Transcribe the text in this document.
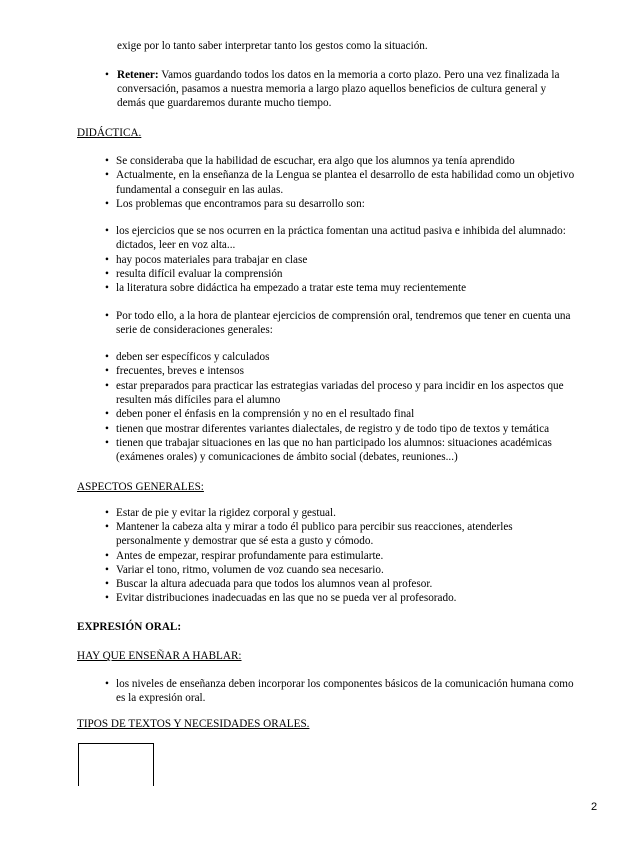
exige por lo tanto saber interpretar tanto los gestos como la situación.
• Retener: Vamos guardando todos los datos en la memoria a corto plazo. Pero una vez finalizada la
conversación, pasamos a nuestra memoria a largo plazo aquellos beneficios de cultura general y
demás que guardaremos durante mucho tiempo.
DIDÁCTICA.
• Se consideraba que la habilidad de escuchar, era algo que los alumnos ya tenía aprendido
• Actualmente, en la enseñanza de la Lengua se plantea el desarrollo de esta habilidad como un objetivo
fundamental a conseguir en las aulas.
• Los problemas que encontramos para su desarrollo son:
• los ejercicios que se nos ocurren en la práctica fomentan una actitud pasiva e inhibida del alumnado:
dictados, leer en voz alta...
• hay pocos materiales para trabajar en clase
• resulta difícil evaluar la comprensión
• la literatura sobre didáctica ha empezado a tratar este tema muy recientemente
• Por todo ello, a la hora de plantear ejercicios de comprensión oral, tendremos que tener en cuenta una
serie de consideraciones generales:
• deben ser específicos y calculados
• frecuentes, breves e intensos
• estar preparados para practicar las estrategias variadas del proceso y para incidir en los aspectos que
resulten más difíciles para el alumno
• deben poner el énfasis en la comprensión y no en el resultado final
• tienen que mostrar diferentes variantes dialectales, de registro y de todo tipo de textos y temática
• tienen que trabajar situaciones en las que no han participado los alumnos: situaciones académicas
(exámenes orales) y comunicaciones de ámbito social (debates, reuniones...)
ASPECTOS GENERALES:
• Estar de pie y evitar la rigidez corporal y gestual.
• Mantener la cabeza alta y mirar a todo él publico para percibir sus reacciones, atenderles
personalmente y demostrar que sé esta a gusto y cómodo.
• Antes de empezar, respirar profundamente para estimularte.
• Variar el tono, ritmo, volumen de voz cuando sea necesario.
• Buscar la altura adecuada para que todos los alumnos vean al profesor.
• Evitar distribuciones inadecuadas en las que no se pueda ver al profesorado.
EXPRESIÓN ORAL:
HAY QUE ENSEÑAR A HABLAR:
• los niveles de enseñanza deben incorporar los componentes básicos de la comunicación humana como
es la expresión oral.
TIPOS DE TEXTOS Y NECESIDADES ORALES.
2
